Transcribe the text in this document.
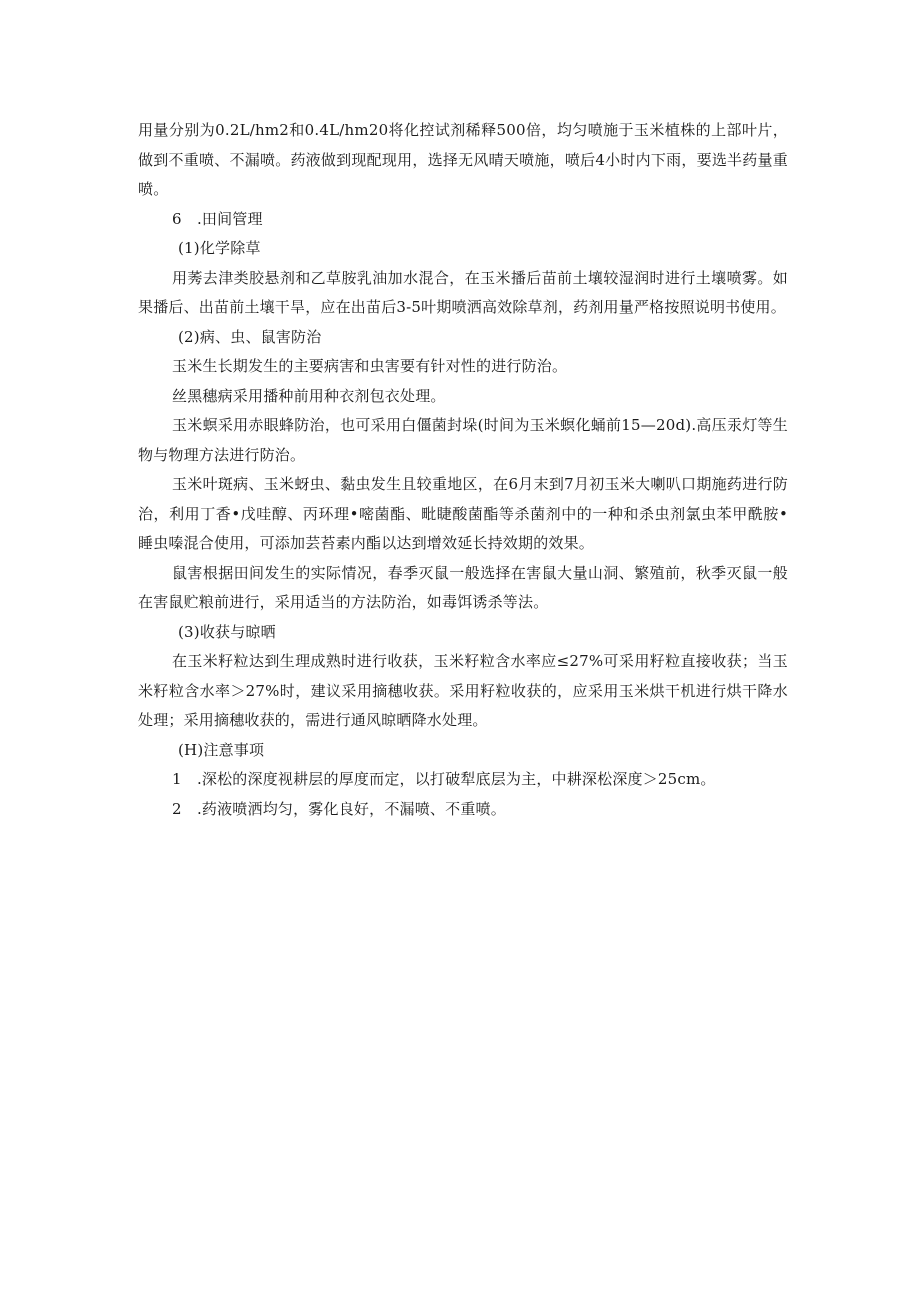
用量分别为0.2L/hm2和0.4L/hm20将化控试剂稀释500倍，均匀喷施于玉米植株的上部叶片，做到不重喷、不漏喷。药液做到现配现用，选择无风晴天喷施，喷后4小时内下雨，要选半药量重喷。

6　.田间管理

(1)化学除草

用莠去津类胶悬剂和乙草胺乳油加水混合，在玉米播后苗前土壤较湿润时进行土壤喷雾。如果播后、出苗前土壤干旱，应在出苗后3-5叶期喷洒高效除草剂，药剂用量严格按照说明书使用。

(2)病、虫、鼠害防治

玉米生长期发生的主要病害和虫害要有针对性的进行防治。

丝黑穗病采用播种前用种衣剂包衣处理。

玉米螟采用赤眼蜂防治，也可采用白僵菌封垛(时间为玉米螟化蛹前15—20d).高压汞灯等生物与物理方法进行防治。

玉米叶斑病、玉米蚜虫、黏虫发生且较重地区，在6月末到7月初玉米大喇叭口期施药进行防治，利用丁香•戊哇醇、丙环理•嘧菌酯、毗睫酸菌酯等杀菌剂中的一种和杀虫剂氯虫苯甲酰胺•睡虫嗪混合使用，可添加芸苔素内酯以达到增效延长持效期的效果。

鼠害根据田间发生的实际情况，春季灭鼠一般选择在害鼠大量山洞、繁殖前，秋季灭鼠一般在害鼠贮粮前进行，采用适当的方法防治，如毒饵诱杀等法。

(3)收获与晾晒

在玉米籽粒达到生理成熟时进行收获，玉米籽粒含水率应≤27%可采用籽粒直接收获；当玉米籽粒含水率＞27%时，建议采用摘穗收获。采用籽粒收获的，应采用玉米烘干机进行烘干降水处理；采用摘穗收获的，需进行通风晾晒降水处理。

(H)注意事项

1　.深松的深度视耕层的厚度而定，以打破犁底层为主，中耕深松深度＞25cm。

2　.药液喷洒均匀，雾化良好，不漏喷、不重喷。
